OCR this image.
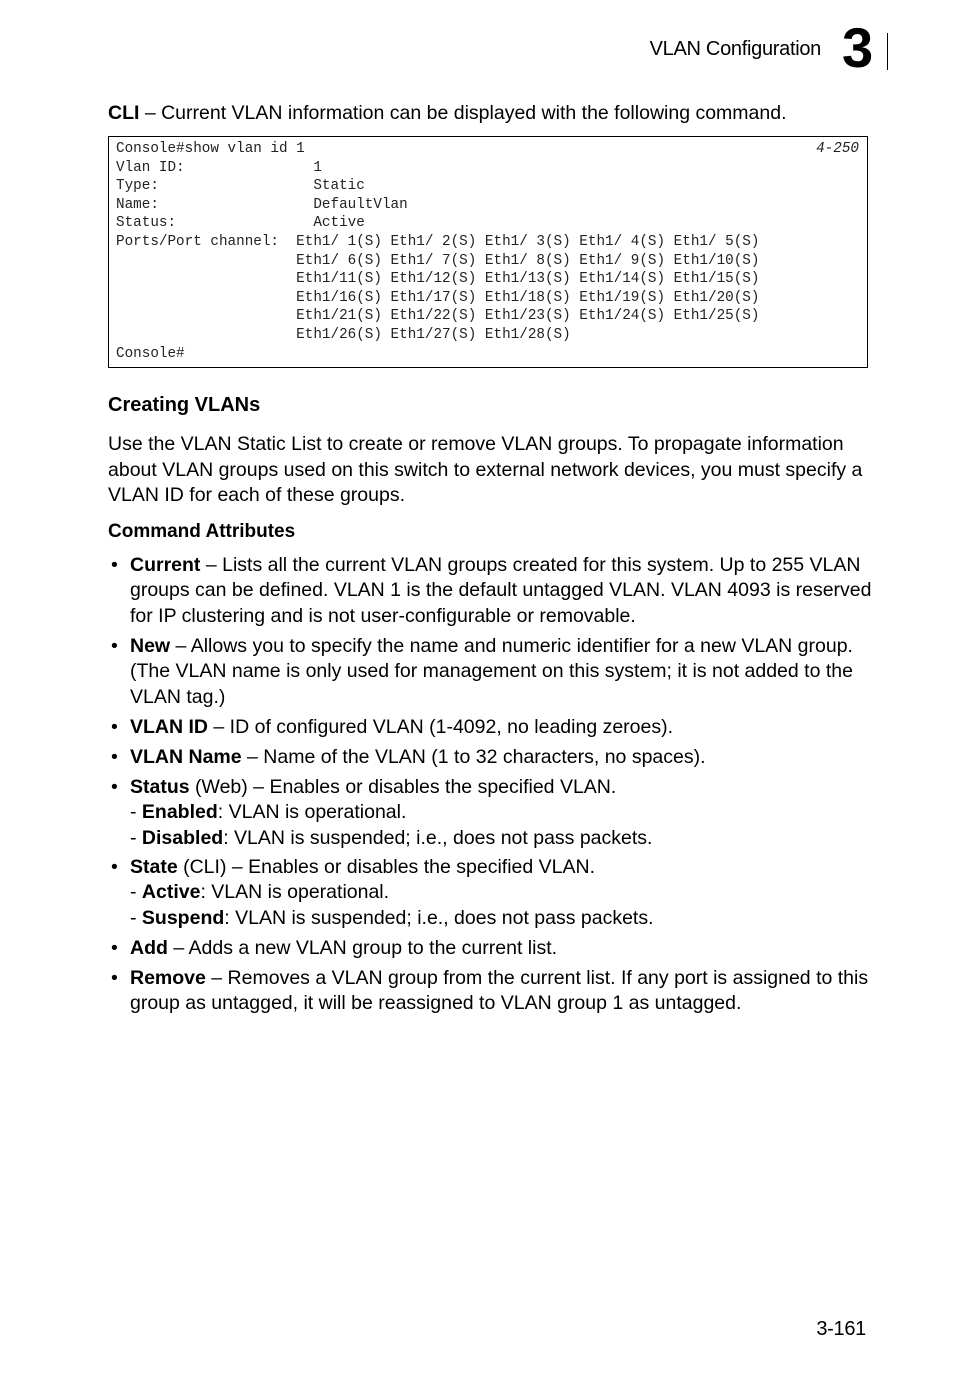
VLAN Configuration 3
CLI – Current VLAN information can be displayed with the following command.
4-250
Console#show vlan id 1
Vlan ID:               1
Type:                  Static
Name:                  DefaultVlan
Status:                Active
Ports/Port channel:  Eth1/ 1(S) Eth1/ 2(S) Eth1/ 3(S) Eth1/ 4(S) Eth1/ 5(S)
Eth1/ 6(S) Eth1/ 7(S) Eth1/ 8(S) Eth1/ 9(S) Eth1/10(S)
Eth1/11(S) Eth1/12(S) Eth1/13(S) Eth1/14(S) Eth1/15(S)
Eth1/16(S) Eth1/17(S) Eth1/18(S) Eth1/19(S) Eth1/20(S)
Eth1/21(S) Eth1/22(S) Eth1/23(S) Eth1/24(S) Eth1/25(S)
Eth1/26(S) Eth1/27(S) Eth1/28(S)
Console#
Creating VLANs
Use the VLAN Static List to create or remove VLAN groups. To propagate information about VLAN groups used on this switch to external network devices, you must specify a VLAN ID for each of these groups.
Command Attributes
• Current – Lists all the current VLAN groups created for this system. Up to 255 VLAN groups can be defined. VLAN 1 is the default untagged VLAN. VLAN 4093 is reserved for IP clustering and is not user-configurable or removable.
• New – Allows you to specify the name and numeric identifier for a new VLAN group. (The VLAN name is only used for management on this system; it is not added to the VLAN tag.)
• VLAN ID – ID of configured VLAN (1-4092, no leading zeroes).
• VLAN Name – Name of the VLAN (1 to 32 characters, no spaces).
• Status (Web) – Enables or disables the specified VLAN.
- Enabled: VLAN is operational.
- Disabled: VLAN is suspended; i.e., does not pass packets.
• State (CLI) – Enables or disables the specified VLAN.
- Active: VLAN is operational.
- Suspend: VLAN is suspended; i.e., does not pass packets.
• Add – Adds a new VLAN group to the current list.
• Remove – Removes a VLAN group from the current list. If any port is assigned to this group as untagged, it will be reassigned to VLAN group 1 as untagged.
3-161
